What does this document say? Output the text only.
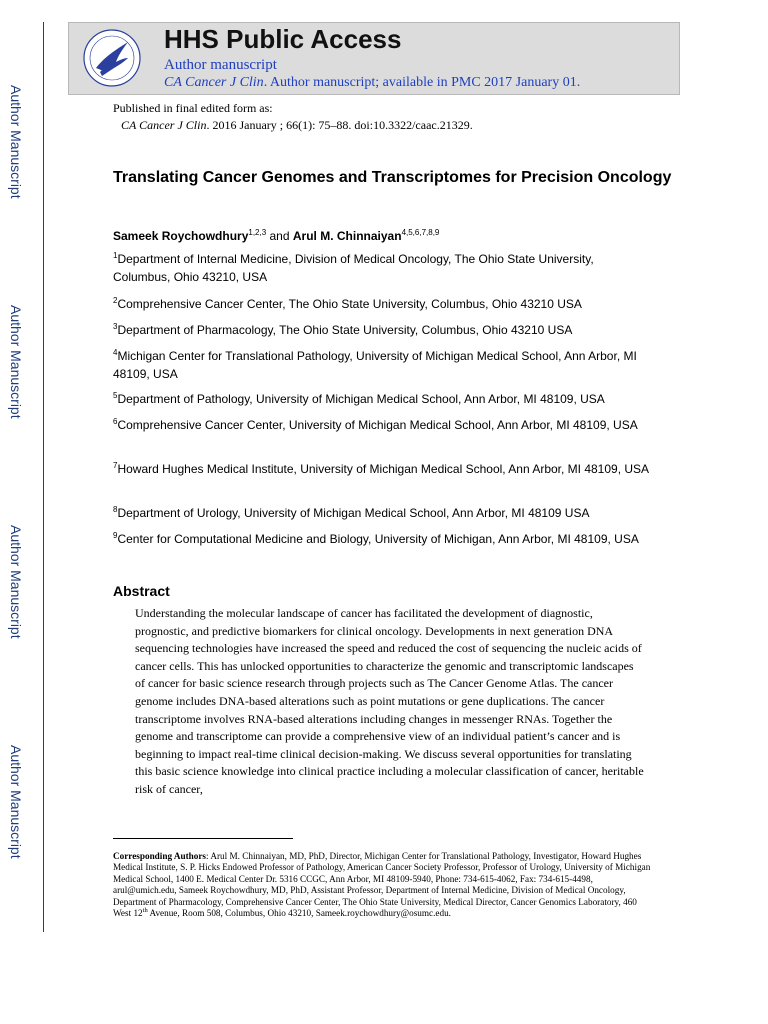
Author Manuscript
Author Manuscript
Author Manuscript
Author Manuscript
HHS Public Access
Author manuscript
CA Cancer J Clin. Author manuscript; available in PMC 2017 January 01.
Published in final edited form as:
CA Cancer J Clin. 2016 January ; 66(1): 75–88. doi:10.3322/caac.21329.
Translating Cancer Genomes and Transcriptomes for Precision Oncology
Sameek Roychowdhury$^{1,2,3}$ and Arul M. Chinnaiyan$^{4,5,6,7,8,9}$
$^1$Department of Internal Medicine, Division of Medical Oncology, The Ohio State University, Columbus, Ohio 43210, USA
$^2$Comprehensive Cancer Center, The Ohio State University, Columbus, Ohio 43210 USA
$^3$Department of Pharmacology, The Ohio State University, Columbus, Ohio 43210 USA
$^4$Michigan Center for Translational Pathology, University of Michigan Medical School, Ann Arbor, MI 48109, USA
$^5$Department of Pathology, University of Michigan Medical School, Ann Arbor, MI 48109, USA
$^6$Comprehensive Cancer Center, University of Michigan Medical School, Ann Arbor, MI 48109, USA
$^7$Howard Hughes Medical Institute, University of Michigan Medical School, Ann Arbor, MI 48109, USA
$^8$Department of Urology, University of Michigan Medical School, Ann Arbor, MI 48109 USA
$^9$Center for Computational Medicine and Biology, University of Michigan, Ann Arbor, MI 48109, USA
Abstract
Understanding the molecular landscape of cancer has facilitated the development of diagnostic, prognostic, and predictive biomarkers for clinical oncology. Developments in next generation DNA sequencing technologies have increased the speed and reduced the cost of sequencing the nucleic acids of cancer cells. This has unlocked opportunities to characterize the genomic and transcriptomic landscapes of cancer for basic science research through projects such as The Cancer Genome Atlas. The cancer genome includes DNA-based alterations such as point mutations or gene duplications. The cancer transcriptome involves RNA-based alterations including changes in messenger RNAs. Together the genome and transcriptome can provide a comprehensive view of an individual patient’s cancer and is beginning to impact real-time clinical decision-making. We discuss several opportunities for translating this basic science knowledge into clinical practice including a molecular classification of cancer, heritable risk of cancer,
Corresponding Authors: Arul M. Chinnaiyan, MD, PhD, Director, Michigan Center for Translational Pathology, Investigator, Howard Hughes Medical Institute, S. P. Hicks Endowed Professor of Pathology, American Cancer Society Professor, Professor of Urology, University of Michigan Medical School, 1400 E. Medical Center Dr. 5316 CCGC, Ann Arbor, MI 48109-5940, Phone: 734-615-4062, Fax: 734-615-4498, arul@umich.edu, Sameek Roychowdhury, MD, PhD, Assistant Professor, Department of Internal Medicine, Division of Medical Oncology, Department of Pharmacology, Comprehensive Cancer Center, The Ohio State University, Medical Director, Cancer Genomics Laboratory, 460 West 12th Avenue, Room 508, Columbus, Ohio 43210, Sameek.roychowdhury@osumc.edu.
